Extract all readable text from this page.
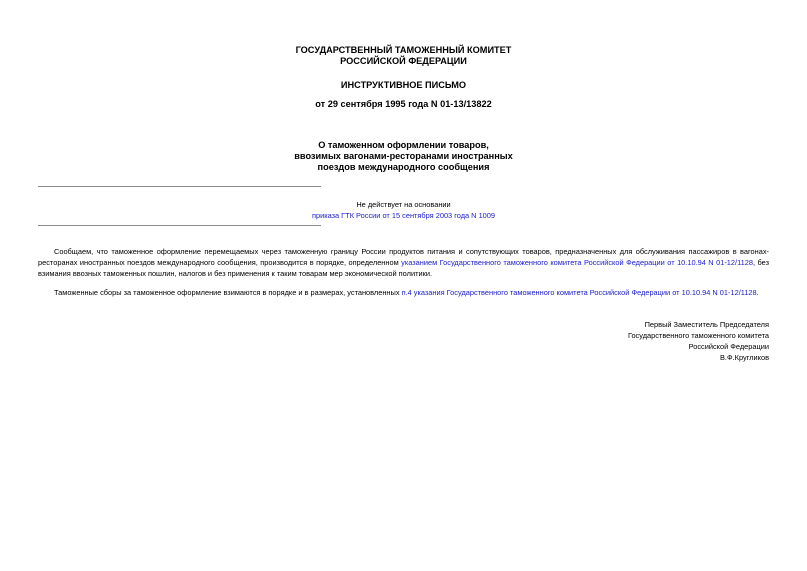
ГОСУДАРСТВЕННЫЙ ТАМОЖЕННЫЙ КОМИТЕТ
РОССИЙСКОЙ ФЕДЕРАЦИИ
ИНСТРУКТИВНОЕ ПИСЬМО
от 29 сентября 1995 года N 01-13/13822
О таможенном оформлении товаров,
ввозимых вагонами-ресторанами иностранных
поездов международного сообщения
Не действует на основании
приказа ГТК России от 15 сентября 2003 года N 1009
Сообщаем, что таможенное оформление перемещаемых через таможенную границу России продуктов питания и сопутствующих товаров, предназначенных для обслуживания пассажиров в вагонах-ресторанах иностранных поездов международного сообщения, производится в порядке, определенном указанием Государственного таможенного комитета Российской Федерации от 10.10.94 N 01-12/1128, без взимания ввозных таможенных пошлин, налогов и без применения к таким товарам мер экономической политики.
Таможенные сборы за таможенное оформление взимаются в порядке и в размерах, установленных п.4 указания Государственного таможенного комитета Российской Федерации от 10.10.94 N 01-12/1128.
Первый Заместитель Председателя
Государственного таможенного комитета
Российской Федерации
В.Ф.Кругликов
